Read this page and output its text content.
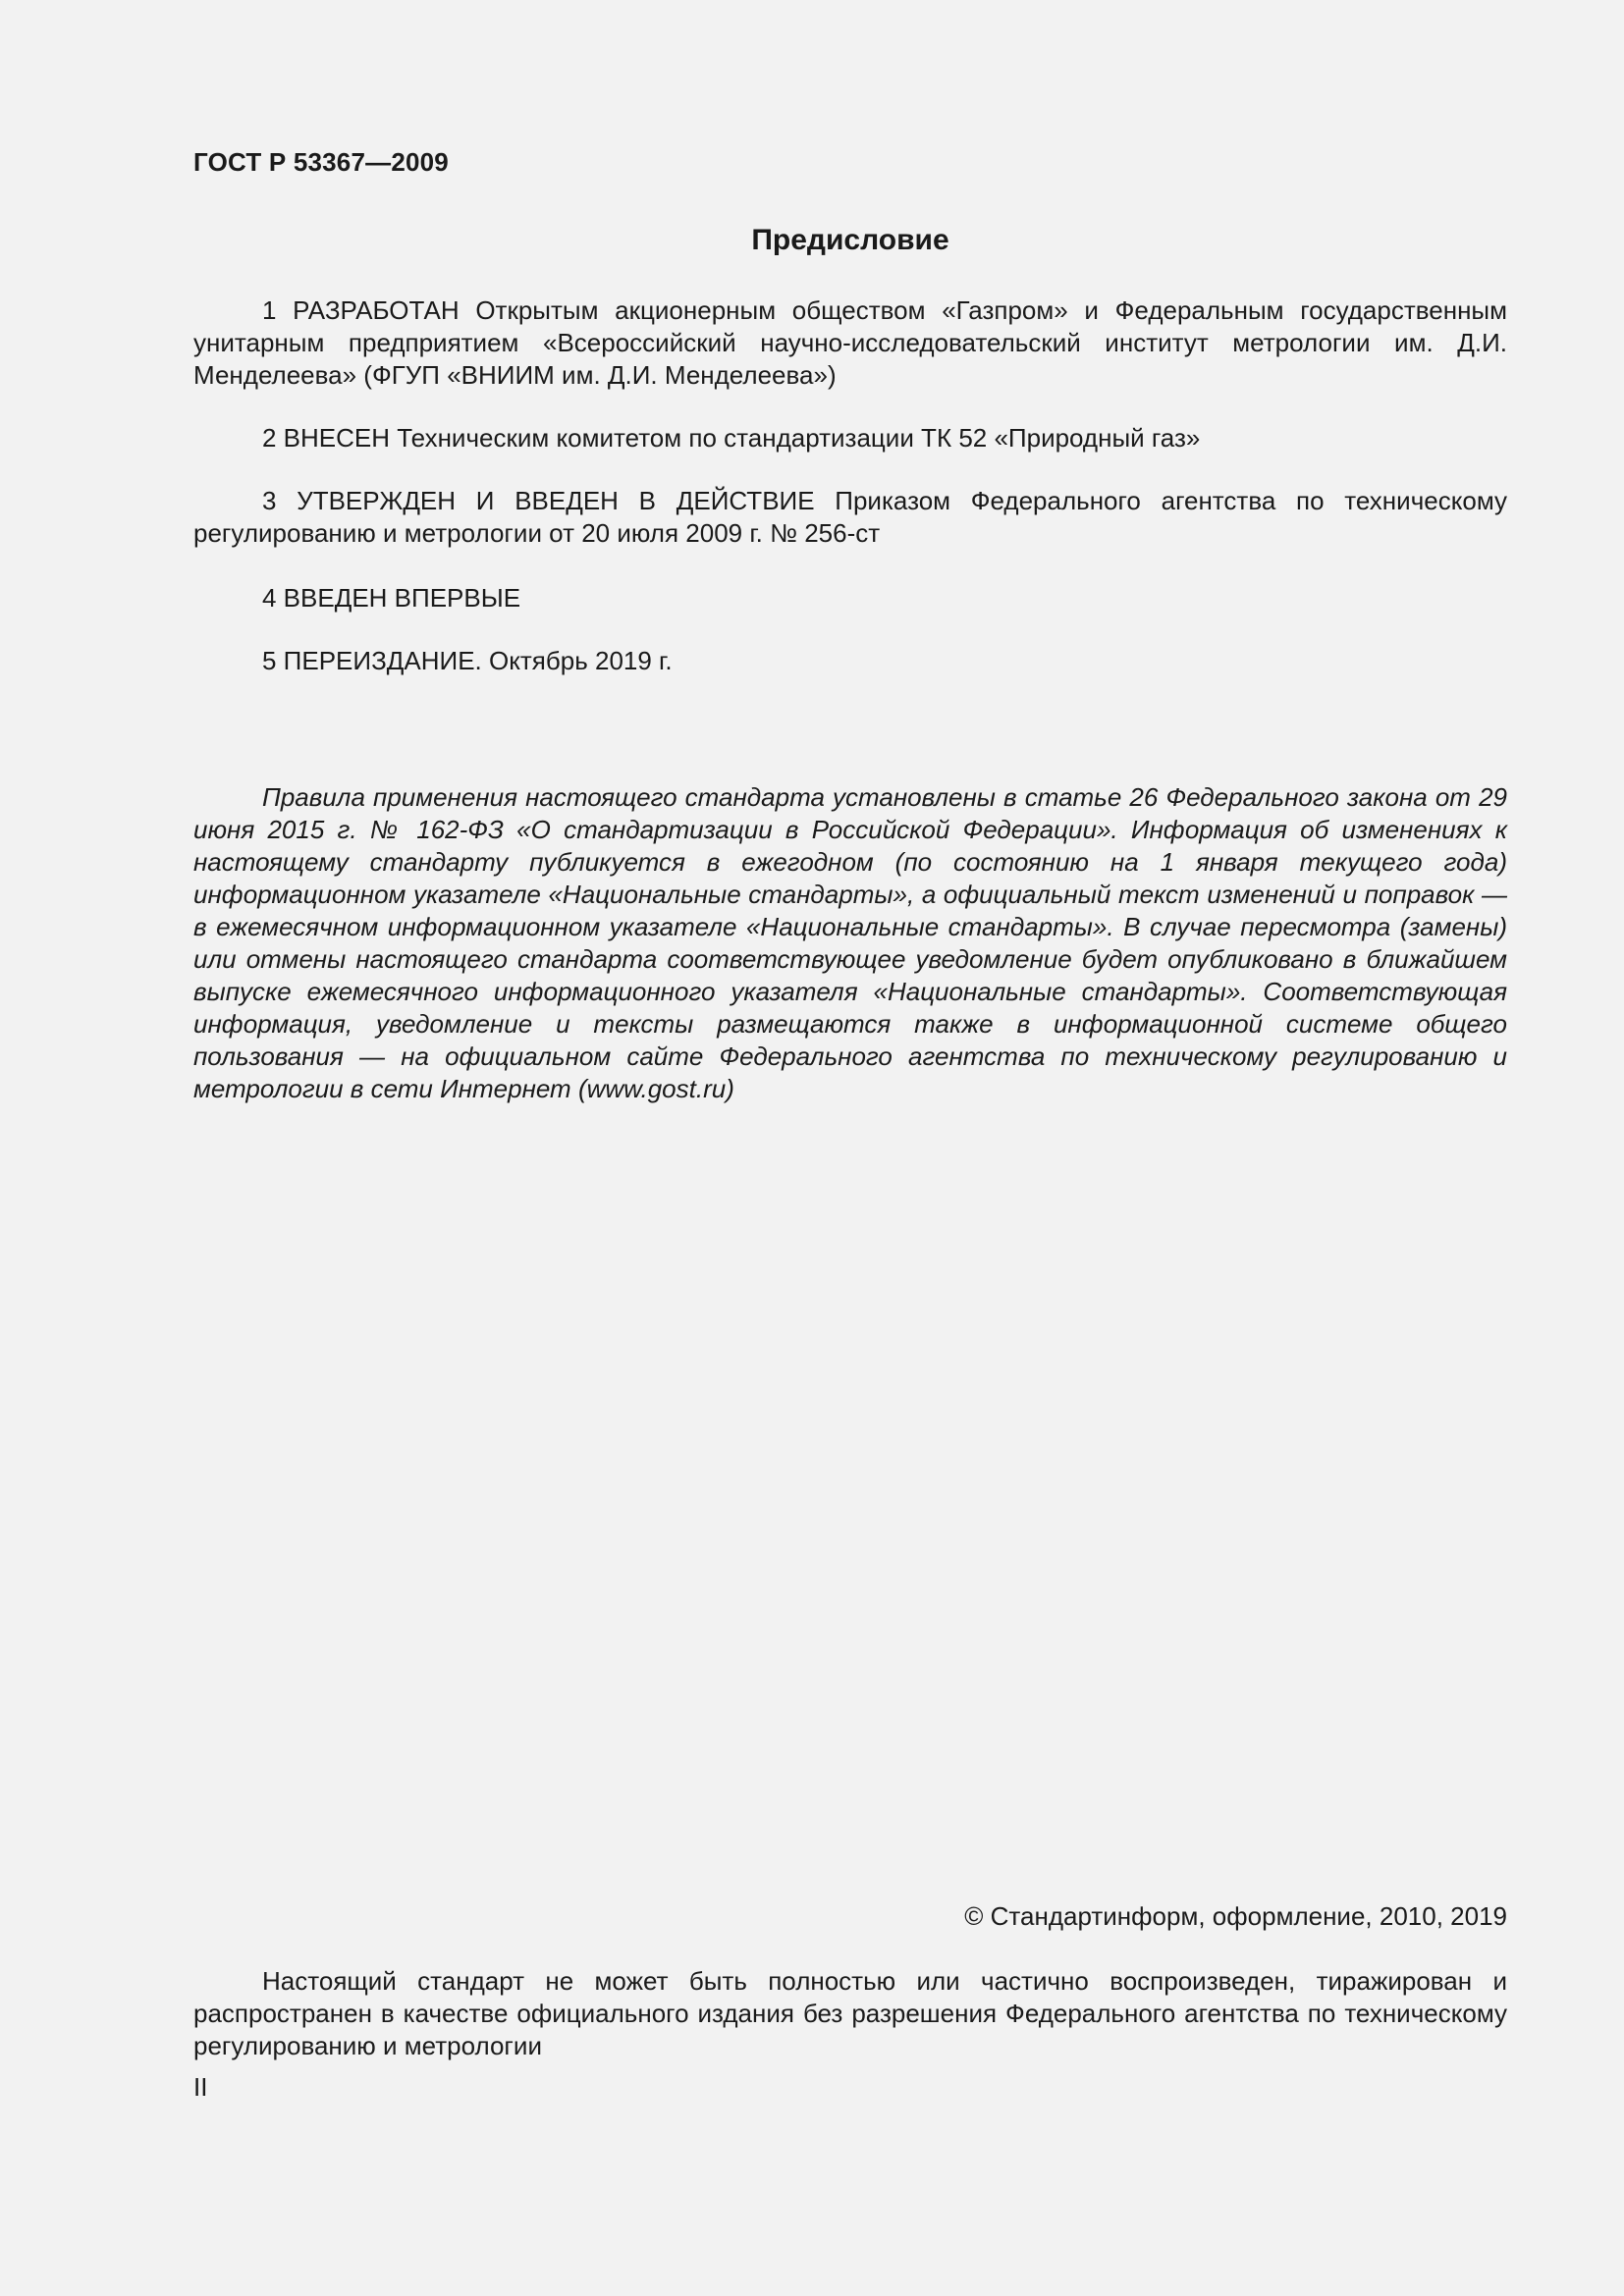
ГОСТ Р 53367—2009
Предисловие

1 РАЗРАБОТАН Открытым акционерным обществом «Газпром» и Федеральным государственным унитарным предприятием «Всероссийский научно-исследовательский институт метрологии им. Д.И. Менделеева» (ФГУП «ВНИИМ им. Д.И. Менделеева»)

2 ВНЕСЕН Техническим комитетом по стандартизации ТК 52 «Природный газ»

3 УТВЕРЖДЕН И ВВЕДЕН В ДЕЙСТВИЕ Приказом Федерального агентства по техническому регулированию и метрологии от 20 июля 2009 г. № 256-ст

4 ВВЕДЕН ВПЕРВЫЕ

5 ПЕРЕИЗДАНИЕ. Октябрь 2019 г.

Правила применения настоящего стандарта установлены в статье 26 Федерального закона от 29 июня 2015 г. № 162-ФЗ «О стандартизации в Российской Федерации». Информация об изменениях к настоящему стандарту публикуется в ежегодном (по состоянию на 1 января текущего года) информационном указателе «Национальные стандарты», а официальный текст изменений и поправок — в ежемесячном информационном указателе «Национальные стандарты». В случае пересмотра (замены) или отмены настоящего стандарта соответствующее уведомление будет опубликовано в ближайшем выпуске ежемесячного информационного указателя «Национальные стандарты». Соответствующая информация, уведомление и тексты размещаются также в информационной системе общего пользования — на официальном сайте Федерального агентства по техническому регулированию и метрологии в сети Интернет (www.gost.ru)

© Стандартинформ, оформление, 2010, 2019

Настоящий стандарт не может быть полностью или частично воспроизведен, тиражирован и распространен в качестве официального издания без разрешения Федерального агентства по техническому регулированию и метрологии

II
